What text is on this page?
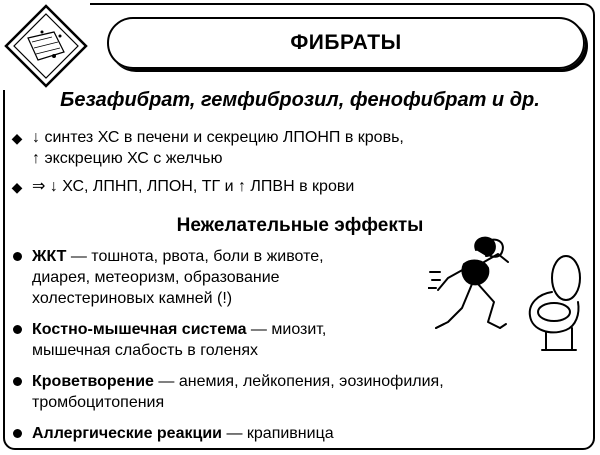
ФИБРАТЫ
Безафибрат, гемфиброзил, фенофибрат и др.
◆ ↓ синтез ХС в печени и секрецию ЛПОНП в кровь,
↑ экскрецию ХС с желчью
◆ ⇒ ↓ ХС, ЛПНП, ЛПОН, ТГ и ↑ ЛПВН в крови
Нежелательные эффекты
ЖКТ — тошнота, рвота, боли в животе,
диарея, метеоризм, образование
холестериновых камней (!)
Костно-мышечная система — миозит,
мышечная слабость в голенях
Кроветворение — анемия, лейкопения, эозинофилия,
тромбоцитопения
Аллергические реакции — крапивница
